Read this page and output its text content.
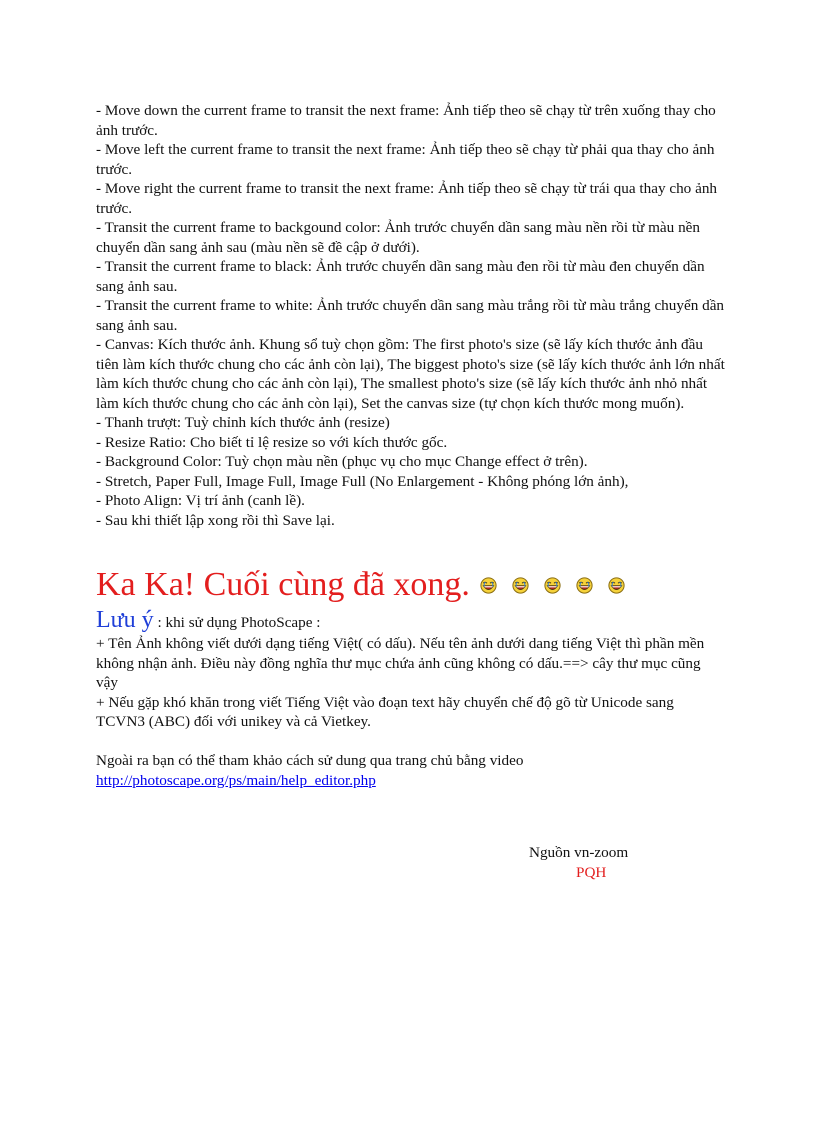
- Move down the current frame to transit the next frame: Ảnh tiếp theo sẽ chạy từ trên xuống thay cho ảnh trước.

- Move left the current frame to transit the next frame: Ảnh tiếp theo sẽ chạy từ phải qua thay cho ảnh trước.

- Move right the current frame to transit the next frame: Ảnh tiếp theo sẽ chạy từ trái qua thay cho ảnh trước.

- Transit the current frame to backgound color: Ảnh trước chuyển dần sang màu nền rồi từ màu nền chuyển dần sang ảnh sau (màu nền sẽ đề cập ở dưới).

- Transit the current frame to black: Ảnh trước chuyển dần sang màu đen rồi từ màu đen chuyển dần sang ảnh sau.

- Transit the current frame to white: Ảnh trước chuyển dần sang màu trắng rồi từ màu trắng chuyển dần sang ảnh sau.

- Canvas: Kích thước ảnh. Khung sổ tuỳ chọn gồm: The first photo's size (sẽ lấy kích thước ảnh đầu tiên làm kích thước chung cho các ảnh còn lại), The biggest photo's size (sẽ lấy kích thước ảnh lớn nhất làm kích thước chung cho các ảnh còn lại), The smallest photo's size (sẽ lấy kích thước ảnh nhỏ nhất làm kích thước chung cho các ảnh còn lại), Set the canvas size (tự chọn kích thước mong muốn).

- Thanh trượt: Tuỳ chỉnh kích thước ảnh (resize)

- Resize Ratio: Cho biết tỉ lệ resize so với kích thước gốc.

- Background Color: Tuỳ chọn màu nền (phục vụ cho mục Change effect ở trên).

- Stretch, Paper Full, Image Full, Image Full (No Enlargement - Không phóng lớn ảnh),

- Photo Align: Vị trí ảnh (canh lề).

- Sau khi thiết lập xong rồi thì Save lại.

Ka Ka! Cuối cùng đã xong.

Lưu ý : khi sử dụng PhotoScape :

+ Tên Ảnh không viết dưới dạng tiếng Việt( có dấu). Nếu tên ảnh dưới dang tiếng Việt thì phần mền không nhận ảnh. Điều này đồng nghĩa thư mục chứa ảnh cũng không có dấu.==> cây thư mục cũng vậy

+ Nếu gặp khó khăn trong viết Tiếng Việt vào đoạn text hãy chuyển chế độ gõ từ Unicode sang TCVN3 (ABC) đối với unikey và cả Vietkey.

Ngoài ra bạn có thể tham khảo cách sử dung qua trang chủ bằng video

http://photoscape.org/ps/main/help_editor.php

Nguồn vn-zoom
PQH
